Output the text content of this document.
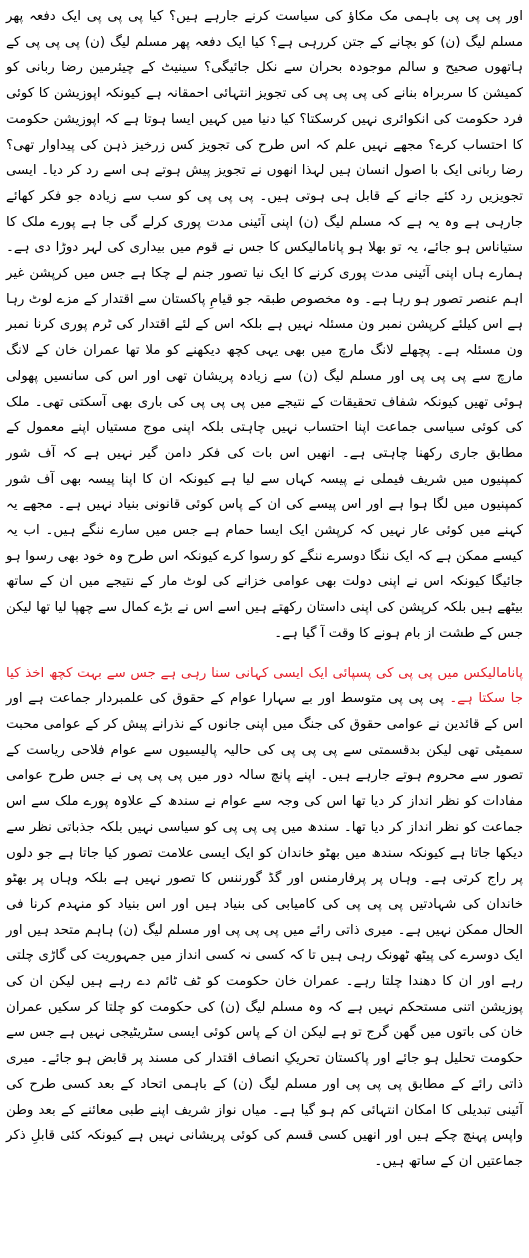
اور پی پی پی باہمی مک مکاؤ کی سیاست کرنے جارہے ہیں؟ کیا پی پی پی ایک دفعہ پھر مسلم لیگ (ن) کو بچانے کے جتن کررہی ہے؟ کیا ایک دفعہ پھر مسلم لیگ (ن) پی پی پی کے ہاتھوں صحیح و سالم موجودہ بحران سے نکل جائیگی؟ سینیٹ کے چیئرمین رضا ربانی کو کمیشن کا سربراہ بنانے کی پی پی پی کی تجویز انتہائی احمقانہ ہے کیونکہ اپوزیشن کا کوئی فرد حکومت کی انکوائری نہیں کرسکتا؟ کیا دنیا میں کہیں ایسا ہوتا ہے کہ اپوزیشن حکومت کا احتساب کرے؟ مجھے نہیں علم کہ اس طرح کی تجویز کس زرخیز ذہن کی پیداوار تھی؟ رضا ربانی ایک با اصول انسان ہیں لہذا انھوں نے تجویز پیش ہوتے ہی اسے رد کر دیا۔ ایسی تجویزیں رد کئے جانے کے قابل ہی ہوتی ہیں۔ پی پی پی کو سب سے زیادہ جو فکر کھائے جارہی ہے وہ یہ ہے کہ مسلم لیگ (ن) اپنی آئینی مدت پوری کرلے گی جا ہے پورے ملک کا ستیاناس ہو جائے، یہ تو بھلا ہو پانامالیکس کا جس نے قوم میں بیداری کی لہر دوڑا دی ہے۔ ہمارے ہاں اپنی آئینی مدت پوری کرنے کا ایک نیا تصور جنم لے چکا ہے جس میں کرپشن غیر اہم عنصر تصور ہو رہا ہے۔ وہ مخصوص طبقہ جو قیامِ پاکستان سے اقتدار کے مزے لوٹ رہا ہے اس کیلئے کرپشن نمبر ون مسئلہ نہیں ہے بلکہ اس کے لئے اقتدار کی ٹرم پوری کرنا نمبر ون مسئلہ ہے۔ پچھلے لانگ مارچ میں بھی یہی کچھ دیکھنے کو ملا تھا عمران خان کے لانگ مارچ سے پی پی پی اور مسلم لیگ (ن) سے زیادہ پریشان تھی اور اس کی سانسیں پھولی ہوئی تھیں کیونکہ شفاف تحقیقات کے نتیجے میں پی پی پی کی باری بھی آسکتی تھی۔ ملک کی کوئی سیاسی جماعت اپنا احتساب نہیں چاہتی بلکہ اپنی موج مستیاں اپنے معمول کے مطابق جاری رکھنا چاہتی ہے۔ انھیں اس بات کی فکر دامن گیر نہیں ہے کہ آف شور کمپنیوں میں شریف فیملی نے پیسہ کہاں سے لیا ہے کیونکہ ان کا اپنا پیسہ بھی آف شور کمپنیوں میں لگا ہوا ہے اور اس پیسے کی ان کے پاس کوئی قانونی بنیاد نہیں ہے۔ مجھے یہ کہنے میں کوئی عار نہیں کہ کرپشن ایک ایسا حمام ہے جس میں سارے ننگے ہیں۔ اب یہ کیسے ممکن ہے کہ ایک ننگا دوسرے ننگے کو رسوا کرے کیونکہ اس طرح وہ خود بھی رسوا ہو جائیگا کیونکہ اس نے اپنی دولت بھی عوامی خزانے کی لوٹ مار کے نتیجے میں ان کے ساتھ بیٹھے ہیں بلکہ کرپشن کی اپنی داستان رکھتے ہیں اسے اس نے بڑے کمال سے چھپا لیا تھا لیکن جس کے طشت از بام ہونے کا وقت آ گیا ہے۔

پانامالیکس میں پی پی کی پسپائی ایک ایسی کہانی سنا رہی ہے جس سے بہت کچھ اخذ کیا جا سکتا ہے۔ پی پی پی متوسط اور بے سہارا عوام کے حقوق کی علمبردار جماعت ہے اور اس کے قائدین نے عوامی حقوق کی جنگ میں اپنی جانوں کے نذرانے پیش کر کے عوامی محبت سمیٹی تھی لیکن بدقسمتی سے پی پی پی کی حالیہ پالیسیوں سے عوام فلاحی ریاست کے تصور سے محروم ہوتے جارہے ہیں۔ اپنے پانچ سالہ دور میں پی پی پی نے جس طرح عوامی مفادات کو نظر انداز کر دیا تھا اس کی وجہ سے عوام نے سندھ کے علاوہ پورے ملک سے اس جماعت کو نظر انداز کر دیا تھا۔ سندھ میں پی پی پی کو سیاسی نہیں بلکہ جذباتی نظر سے دیکھا جاتا ہے کیونکہ سندھ میں بھٹو خاندان کو ایک ایسی علامت تصور کیا جاتا ہے جو دلوں پر راج کرتی ہے۔ وہاں پر پرفارمنس اور گڈ گورننس کا تصور نہیں ہے بلکہ وہاں پر بھٹو خاندان کی شہادتیں پی پی پی کی کامیابی کی بنیاد ہیں اور اس بنیاد کو منہدم کرنا فی الحال ممکن نہیں ہے۔ میری ذاتی رائے میں پی پی پی اور مسلم لیگ (ن) ہاہم متحد ہیں اور ایک دوسرے کی پیٹھ ٹھونک رہی ہیں تا کہ کسی نہ کسی انداز میں جمہوریت کی گاڑی چلتی رہے اور ان کا دھندا چلتا رہے۔ عمران خان حکومت کو ٹف ٹائم دے رہے ہیں لیکن ان کی پوزیشن اتنی مستحکم نہیں ہے کہ وہ مسلم لیگ (ن) کی حکومت کو چلتا کر سکیں عمران خان کی باتوں میں گھن گرج تو ہے لیکن ان کے پاس کوئی ایسی سٹریٹیجی نہیں ہے جس سے حکومت تحلیل ہو جائے اور پاکستان تحریکِ انصاف اقتدار کی مسند پر قابض ہو جائے۔ میری ذاتی رائے کے مطابق پی پی پی اور مسلم لیگ (ن) کے باہمی اتحاد کے بعد کسی طرح کی آئینی تبدیلی کا امکان انتہائی کم ہو گیا ہے۔ میاں نواز شریف اپنے طبی معائنے کے بعد وطن واپس پہنچ چکے ہیں اور انھیں کسی قسم کی کوئی پریشانی نہیں ہے کیونکہ کئی قابلِ ذکر جماعتیں ان کے ساتھ ہیں۔
